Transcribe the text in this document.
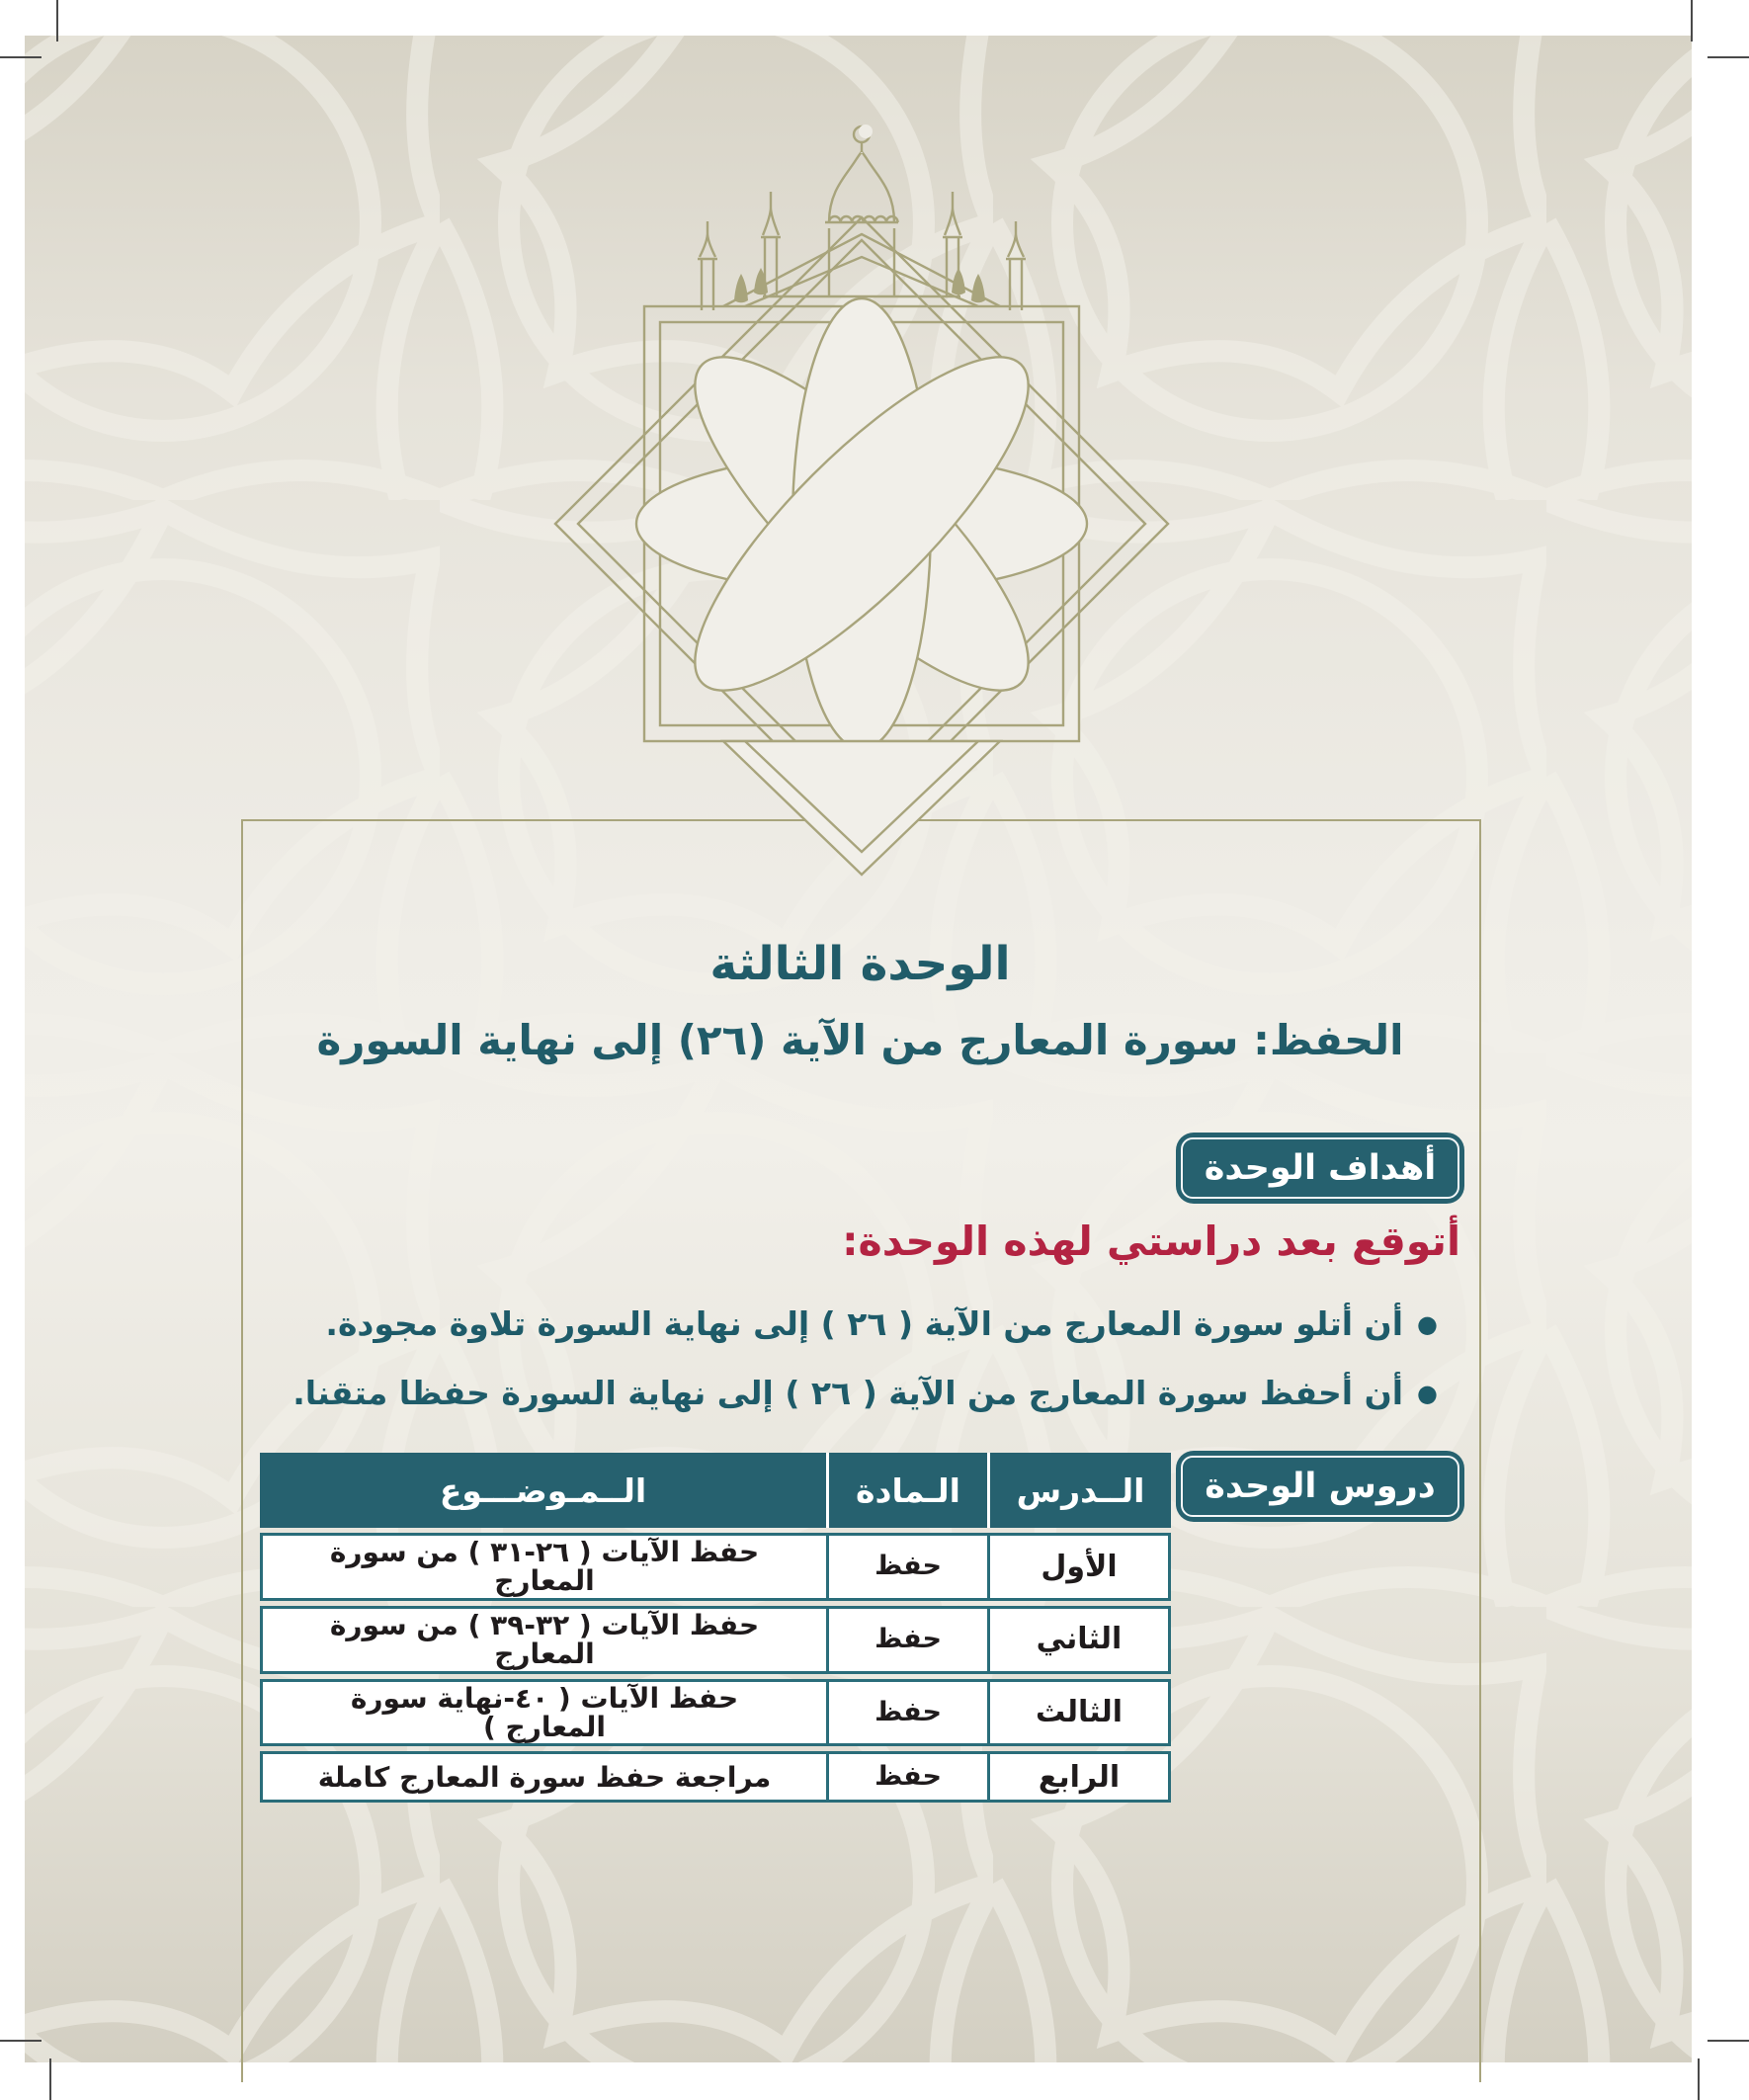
الوحدة الثالثة
الحفظ: سورة المعارج من الآية (٢٦) إلى نهاية السورة
أهداف الوحدة
أتوقع بعد دراستي لهذه الوحدة:
●
أن أتلو سورة المعارج من الآية ( ٢٦ ) إلى نهاية السورة تلاوة مجودة.
●
أن أحفظ سورة المعارج من الآية ( ٢٦ ) إلى نهاية السورة حفظا متقنا.
دروس الوحدة
الــدرس
الـمادة
الــمـوضـــوع
الأول
حفظ
حفظ الآيات ( ٢٦-٣١ ) من سورة المعارج
الثاني
حفظ
حفظ الآيات ( ٣٢-٣٩ ) من سورة المعارج
الثالث
حفظ
حفظ الآيات ( ٤٠-نهاية سورة المعارج )
الرابع
حفظ
مراجعة حفظ سورة المعارج كاملة
